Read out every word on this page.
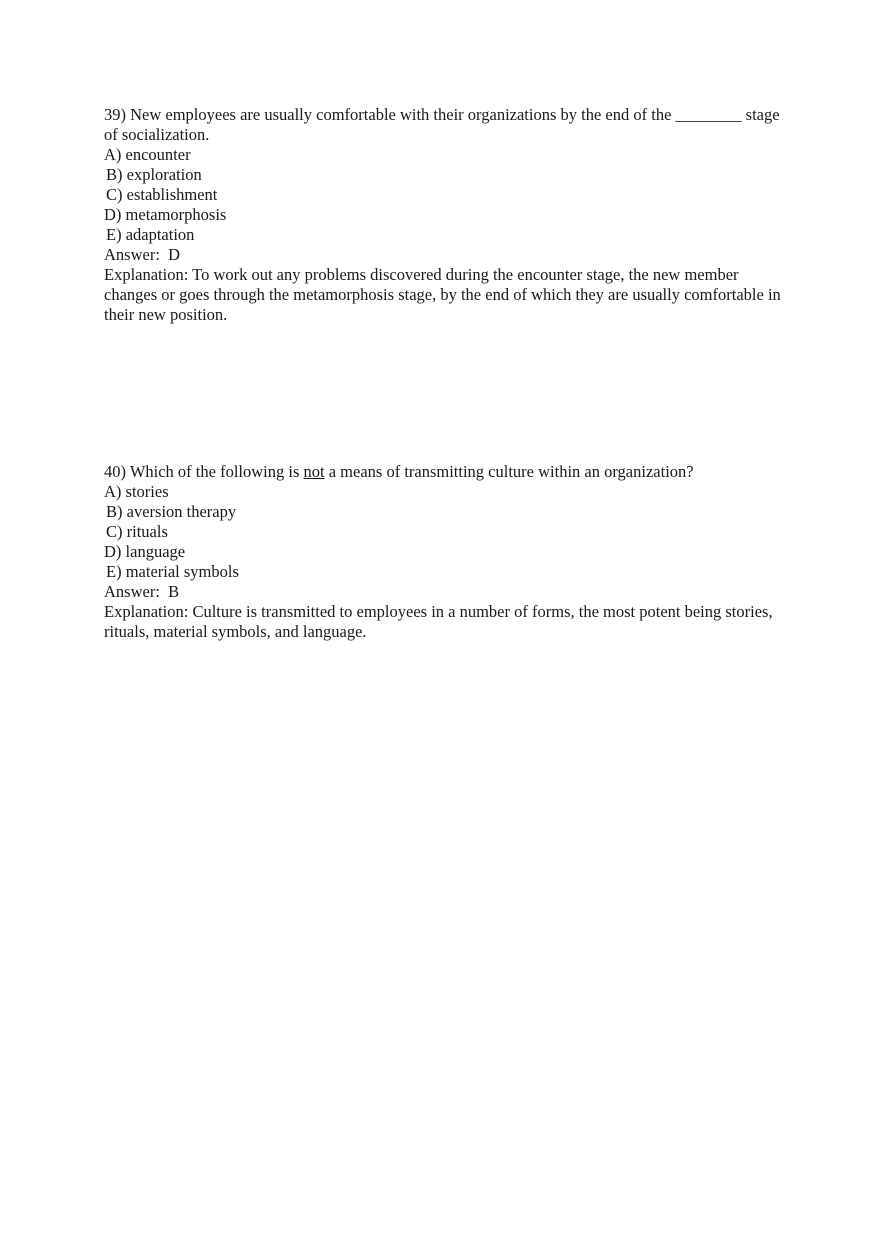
39) New employees are usually comfortable with their organizations by the end of the ________ stage of socialization.
A) encounter
B) exploration
C) establishment
D) metamorphosis
E) adaptation
Answer:  D
Explanation: To work out any problems discovered during the encounter stage, the new member changes or goes through the metamorphosis stage, by the end of which they are usually comfortable in their new position.
40) Which of the following is not a means of transmitting culture within an organization?
A) stories
B) aversion therapy
C) rituals
D) language
E) material symbols
Answer:  B
Explanation: Culture is transmitted to employees in a number of forms, the most potent being stories, rituals, material symbols, and language.
